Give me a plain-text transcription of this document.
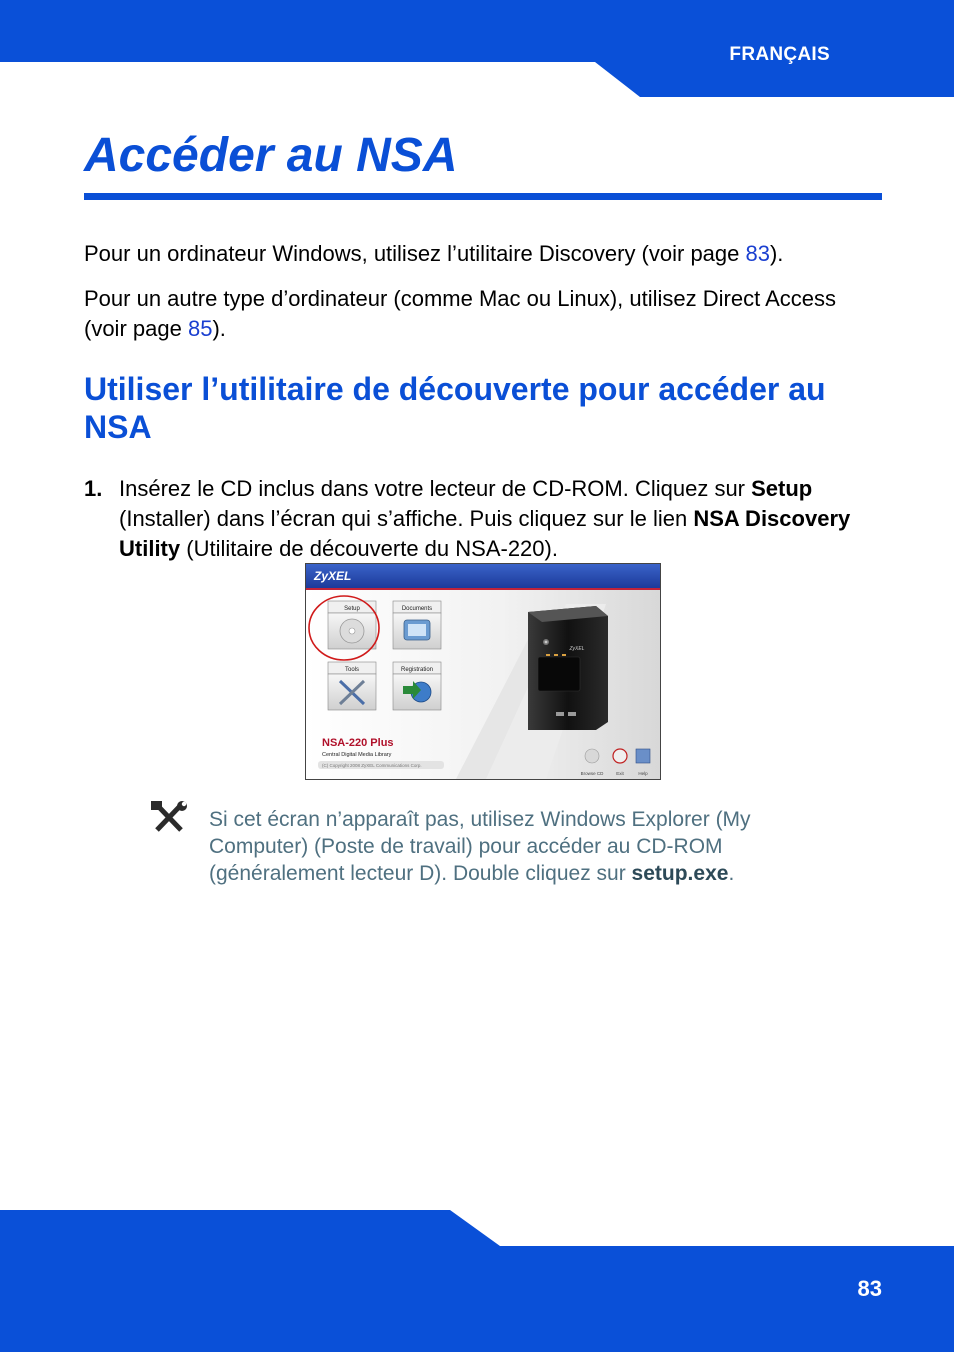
FRANÇAIS
Accéder au NSA

Pour un ordinateur Windows, utilisez l’utilitaire Discovery (voir page 83).

Pour un autre type d’ordinateur (comme Mac ou Linux), utilisez Direct Access (voir page 85).

Utiliser l’utilitaire de découverte pour accéder au NSA
1. Insérez le CD inclus dans votre lecteur de CD-ROM. Cliquez sur Setup (Installer) dans l’écran qui s’affiche. Puis cliquez sur le lien NSA Discovery Utility (Utilitaire de découverte du NSA-220).

ZyXEL
Setup	Documents
Tools	Registration
ZyXEL
NSA-220 Plus
Central Digital Media Library
(C) Copyright 2008 ZyXEL Communications Corp.
Browse CD	Exit	Help

Si cet écran n’apparaît pas, utilisez Windows Explorer (My Computer) (Poste de travail) pour accéder au CD-ROM (généralement lecteur D). Double cliquez sur setup.exe.

83
